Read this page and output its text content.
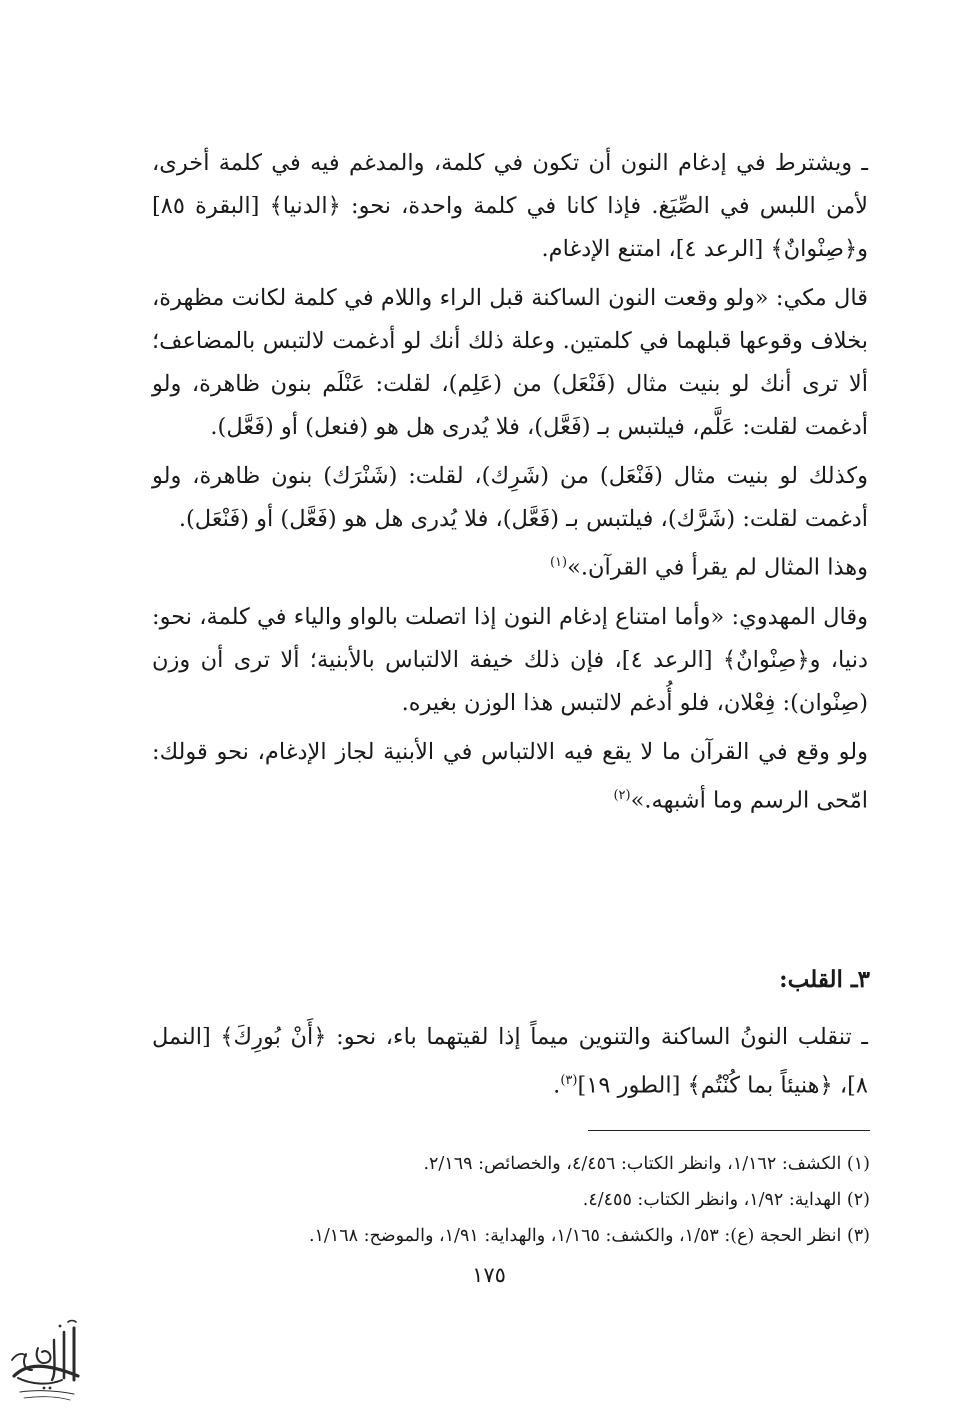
ـ ويشترط في إدغام النون أن تكون في كلمة، والمدغم فيه في كلمة أخرى، لأمن اللبس في الصِّيَغ. فإذا كانا في كلمة واحدة، نحو: ﴿الدنيا﴾ [البقرة ٨٥] و﴿صِنْوانٌ﴾ [الرعد ٤]، امتنع الإدغام.

قال مكي: «ولو وقعت النون الساكنة قبل الراء واللام في كلمة لكانت مظهرة، بخلاف وقوعها قبلهما في كلمتين. وعلة ذلك أنك لو أدغمت لالتبس بالمضاعف؛ ألا ترى أنك لو بنيت مثال (فَنْعَل) من (عَلِم)، لقلت: عَنْلَم بنون ظاهرة، ولو أدغمت لقلت: عَلَّم، فيلتبس بـ (فَعَّل)، فلا يُدرى هل هو (فنعل) أو (فَعَّل).

وكذلك لو بنيت مثال (فَنْعَل) من (شَرِك)، لقلت: (شَنْرَك) بنون ظاهرة، ولو أدغمت لقلت: (شَرَّك)، فيلتبس بـ (فَعَّل)، فلا يُدرى هل هو (فَعَّل) أو (فَنْعَل).

وهذا المثال لم يقرأ في القرآن.»$^{(١)}$

وقال المهدوي: «وأما امتناع إدغام النون إذا اتصلت بالواو والياء في كلمة، نحو: دنيا، و﴿صِنْوانٌ﴾ [الرعد ٤]، فإن ذلك خيفة الالتباس بالأبنية؛ ألا ترى أن وزن (صِنْوان): فِعْلان، فلو أُدغم لالتبس هذا الوزن بغيره.

ولو وقع في القرآن ما لا يقع فيه الالتباس في الأبنية لجاز الإدغام، نحو قولك: امّحى الرسم وما أشبهه.»$^{(٢)}$

٣ـ القلب:

ـ تنقلب النونُ الساكنة والتنوين ميماً إذا لقيتهما باء، نحو: ﴿أَنْ بُورِكَ﴾ [النمل ٨]، ﴿هنيئاً بما كُنْتُم﴾ [الطور ١٩]$^{(٣)}$.

(١) الكشف: ١/١٦٢، وانظر الكتاب: ٤/٤٥٦، والخصائص: ٢/١٦٩.

(٢) الهداية: ١/٩٢، وانظر الكتاب: ٤/٤٥٥.

(٣) انظر الحجة (ع): ١/٥٣، والكشف: ١/١٦٥، والهداية: ١/٩١، والموضح: ١/١٦٨.

١٧٥
